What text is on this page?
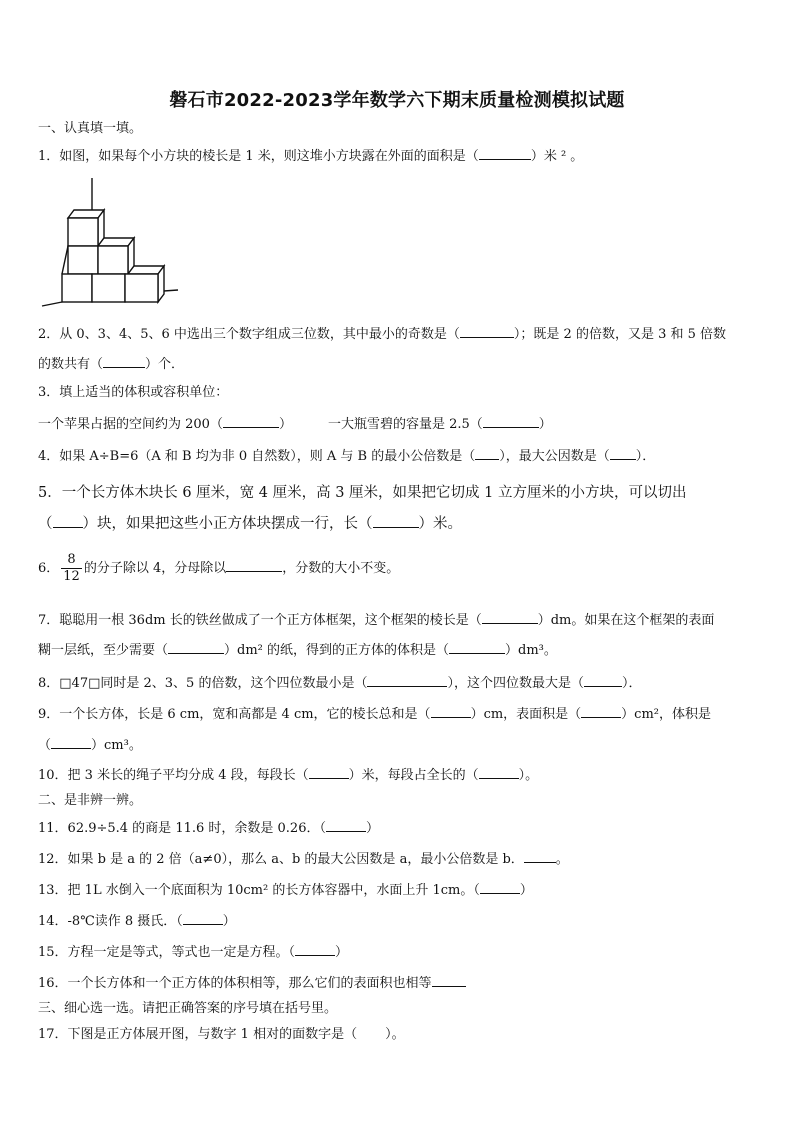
磐石市2022-2023学年数学六下期末质量检测模拟试题
一、认真填一填。
1．如图，如果每个小方块的棱长是 1 米，则这堆小方块露在外面的面积是（	）米 ² 。
2．从 0、3、4、5、6 中选出三个数字组成三位数，其中最小的奇数是（	）；既是 2 的倍数，又是 3 和 5 倍数
的数共有（	）个．
3．填上适当的体积或容积单位：
一个苹果占据的空间约为 200（	）	一大瓶雪碧的容量是 2.5（	）
4．如果 A÷B=6（A 和 B 均为非 0 自然数），则 A 与 B 的最小公倍数是（ ），最大公因数是（ ）．
5．一个长方体木块长 6 厘米，宽 4 厘米，高 3 厘米，如果把它切成 1 立方厘米的小方块，可以切出
（ ）块，如果把这些小正方体块摆成一行，长（	）米。
6． $\frac{8}{12}$ 的分子除以 4，分母除以	，分数的大小不变。
7．聪聪用一根 36dm 长的铁丝做成了一个正方体框架，这个框架的棱长是（	）dm。如果在这个框架的表面
糊一层纸，至少需要（	）dm² 的纸，得到的正方体的体积是（	）dm³。
8．□47□同时是 2、3、5 的倍数，这个四位数最小是（	），这个四位数最大是（	）．
9．一个长方体，长是 6 cm，宽和高都是 4 cm，它的棱长总和是（	）cm，表面积是（	）cm²，体积是
（	）cm³。
10．把 3 米长的绳子平均分成 4 段，每段长（	）米，每段占全长的（	）。
二、是非辨一辨。
11．62.9÷5.4 的商是 11.6 时，余数是 0.26．（	）
12．如果 b 是 a 的 2 倍（a≠0），那么 a、b 的最大公因数是 a，最小公倍数是 b． 。
13．把 1L 水倒入一个底面积为 10cm² 的长方体容器中，水面上升 1cm。（	）
14．-8℃读作 8 摄氏．（	）
15．方程一定是等式，等式也一定是方程。（	）
16．一个长方体和一个正方体的体积相等，那么它们的表面积也相等
三、细心选一选。请把正确答案的序号填在括号里。
17．下图是正方体展开图，与数字 1 相对的面数字是（ ）。
